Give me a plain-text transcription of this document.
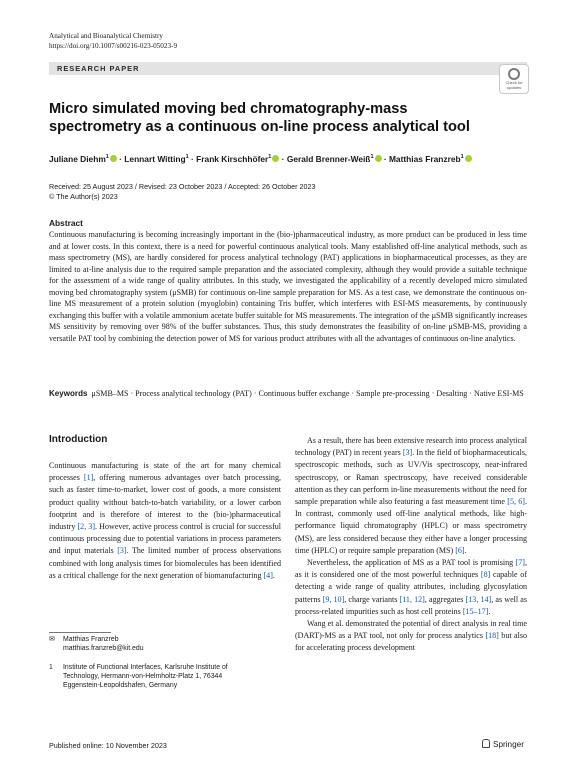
Analytical and Bioanalytical Chemistry
https://doi.org/10.1007/s00216-023-05023-9
RESEARCH PAPER
Check for
updates
Micro simulated moving bed chromatography-mass spectrometry as a continuous on-line process analytical tool
Juliane Diehm$^1$ · Lennart Witting$^1$ · Frank Kirschhöfer$^1$ · Gerald Brenner-Weiß$^1$ · Matthias Franzreb$^1$
Received: 25 August 2023 / Revised: 23 October 2023 / Accepted: 26 October 2023
© The Author(s) 2023
Abstract
Continuous manufacturing is becoming increasingly important in the (bio-)pharmaceutical industry, as more product can be produced in less time and at lower costs. In this context, there is a need for powerful continuous analytical tools. Many established off-line analytical methods, such as mass spectrometry (MS), are hardly considered for process analytical technology (PAT) applications in biopharmaceutical processes, as they are limited to at-line analysis due to the required sample preparation and the associated complexity, although they would provide a suitable technique for the assessment of a wide range of quality attributes. In this study, we investigated the applicability of a recently developed micro simulated moving bed chromatography system (μSMB) for continuous on-line sample preparation for MS. As a test case, we demonstrate the continuous on-line MS measurement of a protein solution (myoglobin) containing Tris buffer, which interferes with ESI-MS measurements, by continuously exchanging this buffer with a volatile ammonium acetate buffer suitable for MS measurements. The integration of the μSMB significantly increases MS sensitivity by removing over 98% of the buffer substances. Thus, this study demonstrates the feasibility of on-line μSMB-MS, providing a versatile PAT tool by combining the detection power of MS for various product attributes with all the advantages of continuous on-line analytics.
Keywords μSMB–MS · Process analytical technology (PAT) · Continuous buffer exchange · Sample pre-processing · Desalting · Native ESI-MS
Introduction

Continuous manufacturing is state of the art for many chemical processes [1], offering numerous advantages over batch processing, such as faster time-to-market, lower cost of goods, a more consistent product quality without batch-to-batch variability, or a lower carbon footprint and is therefore of interest to the (bio-)pharmaceutical industry [2, 3]. However, active process control is crucial for successful continuous processing due to potential variations in process parameters and input materials [3]. The limited number of process observations combined with long analysis times for biomolecules has been identified as a critical challenge for the next generation of biomanufacturing [4].

As a result, there has been extensive research into process analytical technology (PAT) in recent years [3]. In the field of biopharmaceuticals, spectroscopic methods, such as UV/Vis spectroscopy, near-infrared spectroscopy, or Raman spectroscopy, have received considerable attention as they can perform in-line measurements without the need for sample preparation while also featuring a fast measurement time [5, 6]. In contrast, commonly used off-line analytical methods, like high-performance liquid chromatography (HPLC) or mass spectrometry (MS), are less considered because they either have a longer processing time (HPLC) or require sample preparation (MS) [6].

Nevertheless, the application of MS as a PAT tool is promising [7], as it is considered one of the most powerful techniques [8] capable of detecting a wide range of quality attributes, including glycosylation patterns [9, 10], charge variants [11, 12], aggregates [13, 14], as well as process-related impurities such as host cell proteins [15–17].

Wang et al. demonstrated the potential of direct analysis in real time (DART)-MS as a PAT tool, not only for process analytics [18] but also for accelerating process development

✉ Matthias Franzreb
matthias.franzreb@kit.edu
1 Institute of Functional Interfaces, Karlsruhe Institute of Technology, Hermann-von-Helmholtz-Platz 1, 76344 Eggenstein-Leopoldshafen, Germany
Published online: 10 November 2023	Springer
